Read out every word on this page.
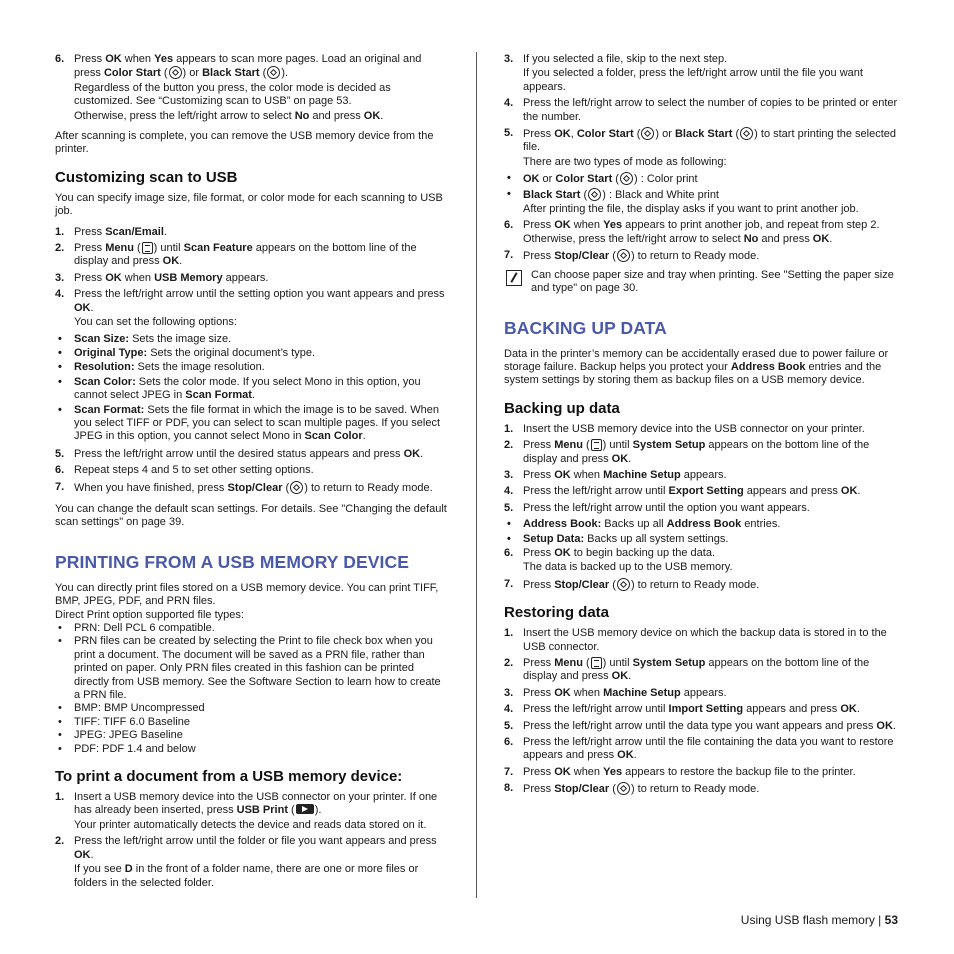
6. Press OK when Yes appears to scan more pages. Load an original and press Color Start ( ) or Black Start ( ).
Regardless of the button you press, the color mode is decided as customized. See “Customizing scan to USB” on page 53.
Otherwise, press the left/right arrow to select No and press OK.

After scanning is complete, you can remove the USB memory device from the printer.

Customizing scan to USB

You can specify image size, file format, or color mode for each scanning to USB job.

1. Press Scan/Email.
2. Press Menu ( ) until Scan Feature appears on the bottom line of the display and press OK.
3. Press OK when USB Memory appears.
4. Press the left/right arrow until the setting option you want appears and press OK.
You can set the following options:
• Scan Size: Sets the image size.
• Original Type: Sets the original document’s type.
• Resolution: Sets the image resolution.
• Scan Color: Sets the color mode. If you select Mono in this option, you cannot select JPEG in Scan Format.
• Scan Format: Sets the file format in which the image is to be saved. When you select TIFF or PDF, you can select to scan multiple pages. If you select JPEG in this option, you cannot select Mono in Scan Color.
5. Press the left/right arrow until the desired status appears and press OK.
6. Repeat steps 4 and 5 to set other setting options.
7. When you have finished, press Stop/Clear ( ) to return to Ready mode.

You can change the default scan settings. For details. See "Changing the default scan settings" on page 39.

PRINTING FROM A USB MEMORY DEVICE

You can directly print files stored on a USB memory device. You can print TIFF, BMP, JPEG, PDF, and PRN files.

Direct Print option supported file types:

• PRN: Dell PCL 6 compatible.
• PRN files can be created by selecting the Print to file check box when you print a document. The document will be saved as a PRN file, rather than printed on paper. Only PRN files created in this fashion can be printed directly from USB memory. See the Software Section to learn how to create a PRN file.
• BMP: BMP Uncompressed
• TIFF: TIFF 6.0 Baseline
• JPEG: JPEG Baseline
• PDF: PDF 1.4 and below
To print a document from a USB memory device:
1. Insert a USB memory device into the USB connector on your printer. If one has already been inserted, press USB Print ( ).
Your printer automatically detects the device and reads data stored on it.
2. Press the left/right arrow until the folder or file you want appears and press OK.
If you see D in the front of a folder name, there are one or more files or folders in the selected folder.
3. If you selected a file, skip to the next step.
If you selected a folder, press the left/right arrow until the file you want appears.
4. Press the left/right arrow to select the number of copies to be printed or enter the number.
5. Press OK, Color Start ( ) or Black Start ( ) to start printing the selected file.
There are two types of mode as following:
• OK or Color Start ( ) : Color print
• Black Start ( ) : Black and White print

After printing the file, the display asks if you want to print another job.

6. Press OK when Yes appears to print another job, and repeat from step 2. Otherwise, press the left/right arrow to select No and press OK.
7. Press Stop/Clear ( ) to return to Ready mode.
Can choose paper size and tray when printing. See "Setting the paper size and type" on page 30.
BACKING UP DATA

Data in the printer’s memory can be accidentally erased due to power failure or storage failure. Backup helps you protect your Address Book entries and the system settings by storing them as backup files on a USB memory device.

Backing up data
1. Insert the USB memory device into the USB connector on your printer.
2. Press Menu ( ) until System Setup appears on the bottom line of the display and press OK.
3. Press OK when Machine Setup appears.
4. Press the left/right arrow until Export Setting appears and press OK.
5. Press the left/right arrow until the option you want appears.
• Address Book: Backs up all Address Book entries.
• Setup Data: Backs up all system settings.
6. Press OK to begin backing up the data.
The data is backed up to the USB memory.
7. Press Stop/Clear ( ) to return to Ready mode.
Restoring data
1. Insert the USB memory device on which the backup data is stored in to the USB connector.
2. Press Menu ( ) until System Setup appears on the bottom line of the display and press OK.
3. Press OK when Machine Setup appears.
4. Press the left/right arrow until Import Setting appears and press OK.
5. Press the left/right arrow until the data type you want appears and press OK.
6. Press the left/right arrow until the file containing the data you want to restore appears and press OK.
7. Press OK when Yes appears to restore the backup file to the printer.
8. Press Stop/Clear ( ) to return to Ready mode.
Using USB flash memory | 53
